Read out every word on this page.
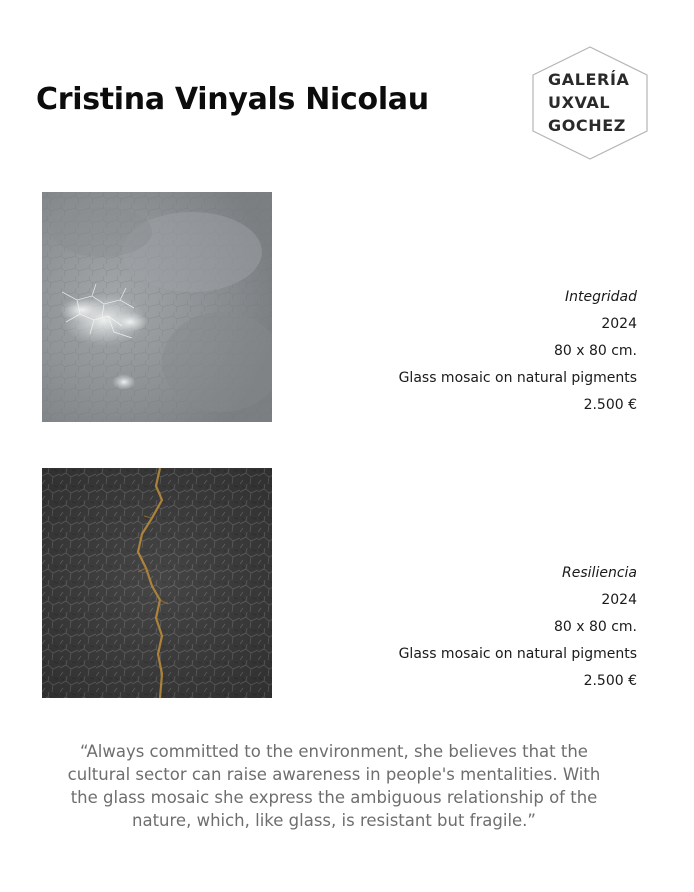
Cristina Vinyals Nicolau
GALERÍA
UXVAL
GOCHEZ
Integridad
2024
80 x 80 cm.
Glass mosaic on natural pigments
2.500 €
Resiliencia
2024
80 x 80 cm.
Glass mosaic on natural pigments
2.500 €

“Always committed to the environment, she believes that the cultural sector can raise awareness in people's mentalities. With the glass mosaic she express the ambiguous relationship of the nature, which, like glass, is resistant but fragile.”
